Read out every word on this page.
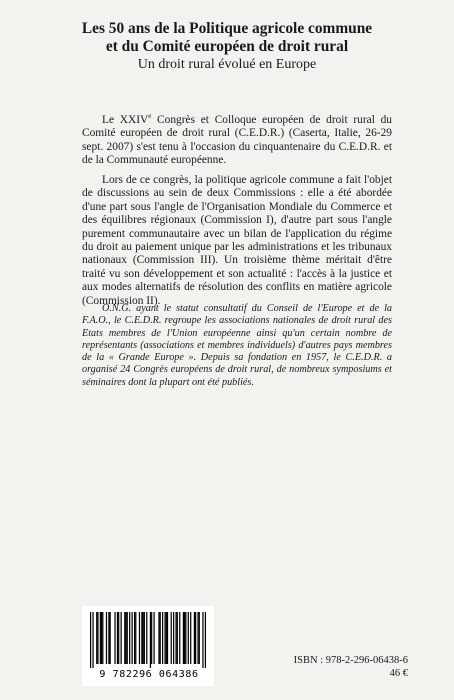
Les 50 ans de la Politique agricole commune
et du Comité européen de droit rural
Un droit rural évolué en Europe

Le XXIVe Congrès et Colloque européen de droit rural du Comité européen de droit rural (C.E.D.R.) (Caserta, Italie, 26-29 sept. 2007) s'est tenu à l'occasion du cinquantenaire du C.E.D.R. et de la Communauté européenne.

Lors de ce congrès, la politique agricole commune a fait l'objet de discussions au sein de deux Commissions : elle a été abordée d'une part sous l'angle de l'Organisation Mondiale du Commerce et des équilibres régionaux (Commission I), d'autre part sous l'angle purement communautaire avec un bilan de l'application du régime du droit au paiement unique par les administrations et les tribunaux nationaux (Commission III). Un troisième thème méritait d'être traité vu son développement et son actualité : l'accès à la justice et aux modes alternatifs de résolution des conflits en matière agricole (Commission II).

O.N.G. ayant le statut consultatif du Conseil de l'Europe et de la F.A.O., le C.E.D.R. regroupe les associations nationales de droit rural des Etats membres de l'Union européenne ainsi qu'un certain nombre de représentants (associations et membres individuels) d'autres pays membres de la « Grande Europe ». Depuis sa fondation en 1957, le C.E.D.R. a organisé 24 Congrès européens de droit rural, de nombreux symposiums et séminaires dont la plupart ont été publiés.

9 782296 064386
ISBN : 978-2-296-06438-6
46 €
